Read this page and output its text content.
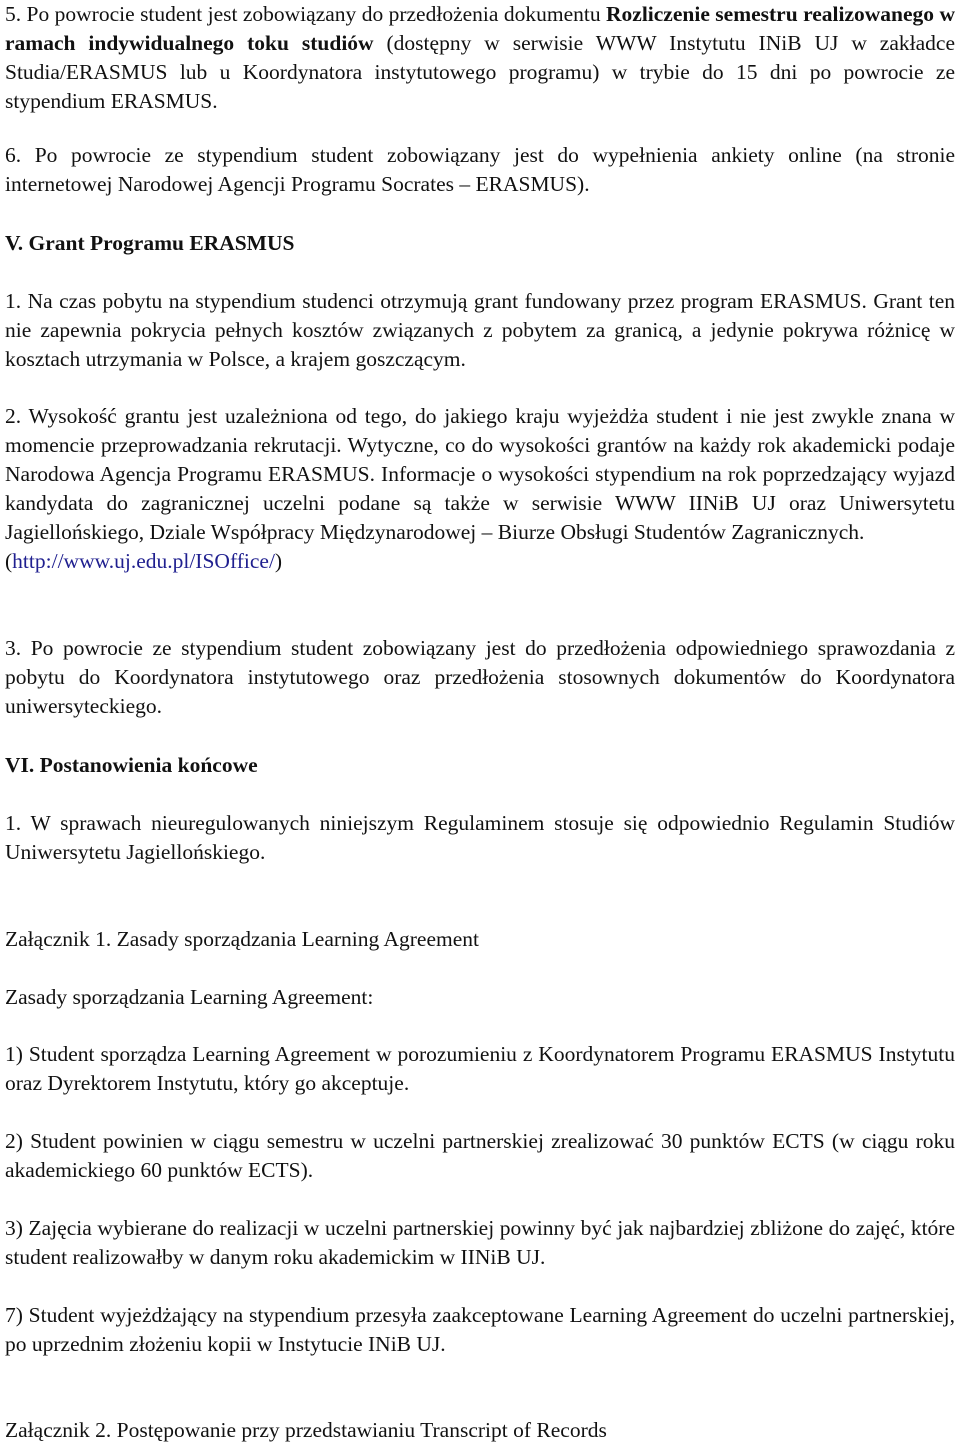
5. Po powrocie student jest zobowiązany do przedłożenia dokumentu Rozliczenie semestru realizowanego w ramach indywidualnego toku studiów (dostępny w serwisie WWW Instytutu INiB UJ w zakładce Studia/ERASMUS lub u Koordynatora instytutowego programu) w trybie do 15 dni po powrocie ze stypendium ERASMUS.

6. Po powrocie ze stypendium student zobowiązany jest do wypełnienia ankiety online (na stronie internetowej Narodowej Agencji Programu Socrates – ERASMUS).

V. Grant Programu ERASMUS

1. Na czas pobytu na stypendium studenci otrzymują grant fundowany przez program ERASMUS. Grant ten nie zapewnia pokrycia pełnych kosztów związanych z pobytem za granicą, a jedynie pokrywa różnicę w kosztach utrzymania w Polsce, a krajem goszczącym.

2. Wysokość grantu jest uzależniona od tego, do jakiego kraju wyjeżdża student i nie jest zwykle znana w momencie przeprowadzania rekrutacji. Wytyczne, co do wysokości grantów na każdy rok akademicki podaje Narodowa Agencja Programu ERASMUS. Informacje o wysokości stypendium na rok poprzedzający wyjazd kandydata do zagranicznej uczelni podane są także w serwisie WWW IINiB UJ oraz Uniwersytetu Jagiellońskiego, Dziale Współpracy Międzynarodowej – Biurze Obsługi Studentów Zagranicznych.
(http://www.uj.edu.pl/ISOffice/)

3. Po powrocie ze stypendium student zobowiązany jest do przedłożenia odpowiedniego sprawozdania z pobytu do Koordynatora instytutowego oraz przedłożenia stosownych dokumentów do Koordynatora uniwersyteckiego.

VI. Postanowienia końcowe

1. W sprawach nieuregulowanych niniejszym Regulaminem stosuje się odpowiednio Regulamin Studiów Uniwersytetu Jagiellońskiego.

Załącznik 1. Zasady sporządzania Learning Agreement

Zasady sporządzania Learning Agreement:

1) Student sporządza Learning Agreement w porozumieniu z Koordynatorem Programu ERASMUS Instytutu oraz Dyrektorem Instytutu, który go akceptuje.

2) Student powinien w ciągu semestru w uczelni partnerskiej zrealizować 30 punktów ECTS (w ciągu roku akademickiego 60 punktów ECTS).

3) Zajęcia wybierane do realizacji w uczelni partnerskiej powinny być jak najbardziej zbliżone do zajęć, które student realizowałby w danym roku akademickim w IINiB UJ.

7) Student wyjeżdżający na stypendium przesyła zaakceptowane Learning Agreement do uczelni partnerskiej, po uprzednim złożeniu kopii w Instytucie INiB UJ.

Załącznik 2. Postępowanie przy przedstawianiu Transcript of Records
